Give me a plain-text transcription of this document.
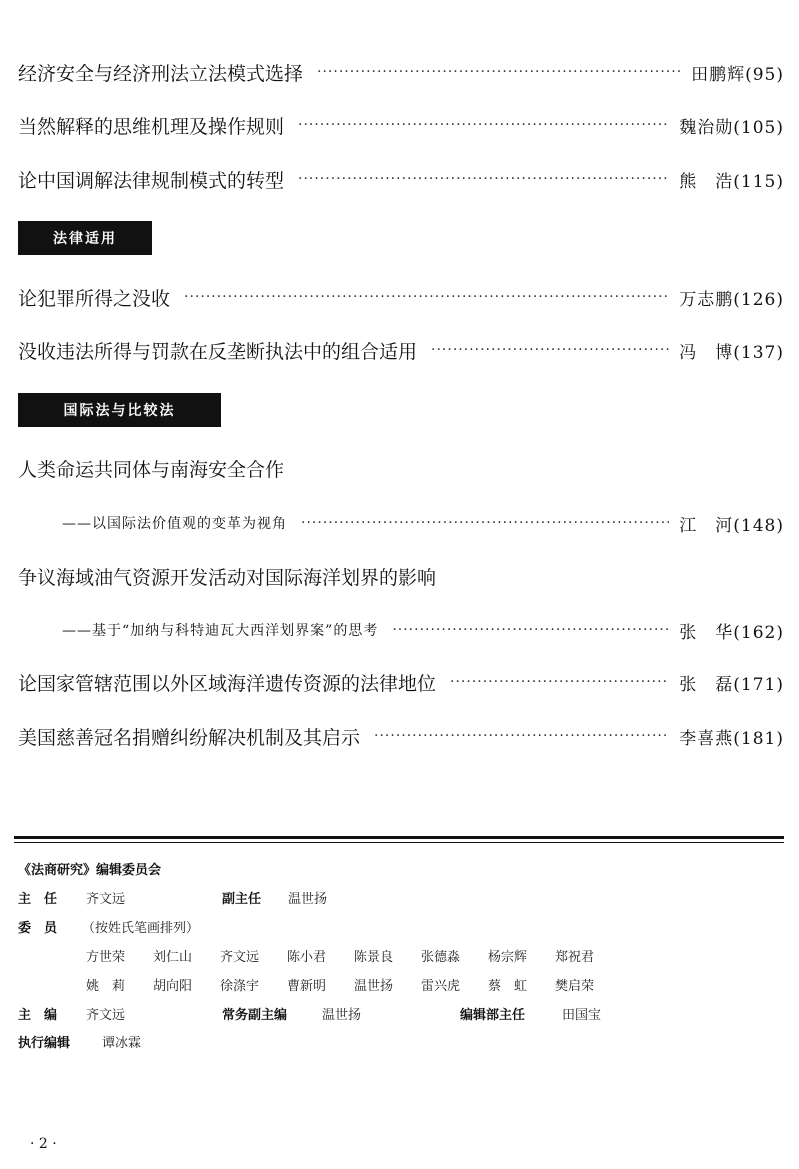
经济安全与经济刑法立法模式选择 ·····	田鹏辉(95)
当然解释的思维机理及操作规则 ·····	魏治勋(105)
论中国调解法律规制模式的转型 ·····	熊　浩(115)
法律适用
论犯罪所得之没收 ·····	万志鹏(126)
没收违法所得与罚款在反垄断执法中的组合适用 ·····	冯　博(137)
国际法与比较法
人类命运共同体与南海安全合作
——以国际法价值观的变革为视角 ·····	江　河(148)
争议海域油气资源开发活动对国际海洋划界的影响
——基于“加纳与科特迪瓦大西洋划界案”的思考 ·····	张　华(162)
论国家管辖范围以外区域海洋遗传资源的法律地位 ·····	张　磊(171)
美国慈善冠名捐赠纠纷解决机制及其启示 ·····	李喜燕(181)
《法商研究》编辑委员会
主　任	齐文远	副主任	温世扬
委　员	（按姓氏笔画排列）
方世荣	刘仁山	齐文远	陈小君	陈景良	张德淼	杨宗辉	郑祝君
姚　莉	胡向阳	徐涤宇	曹新明	温世扬	雷兴虎	蔡　虹	樊启荣
主　编	齐文远	常务副主编	温世扬	编辑部主任	田国宝
执行编辑	谭冰霖
· 2 ·
